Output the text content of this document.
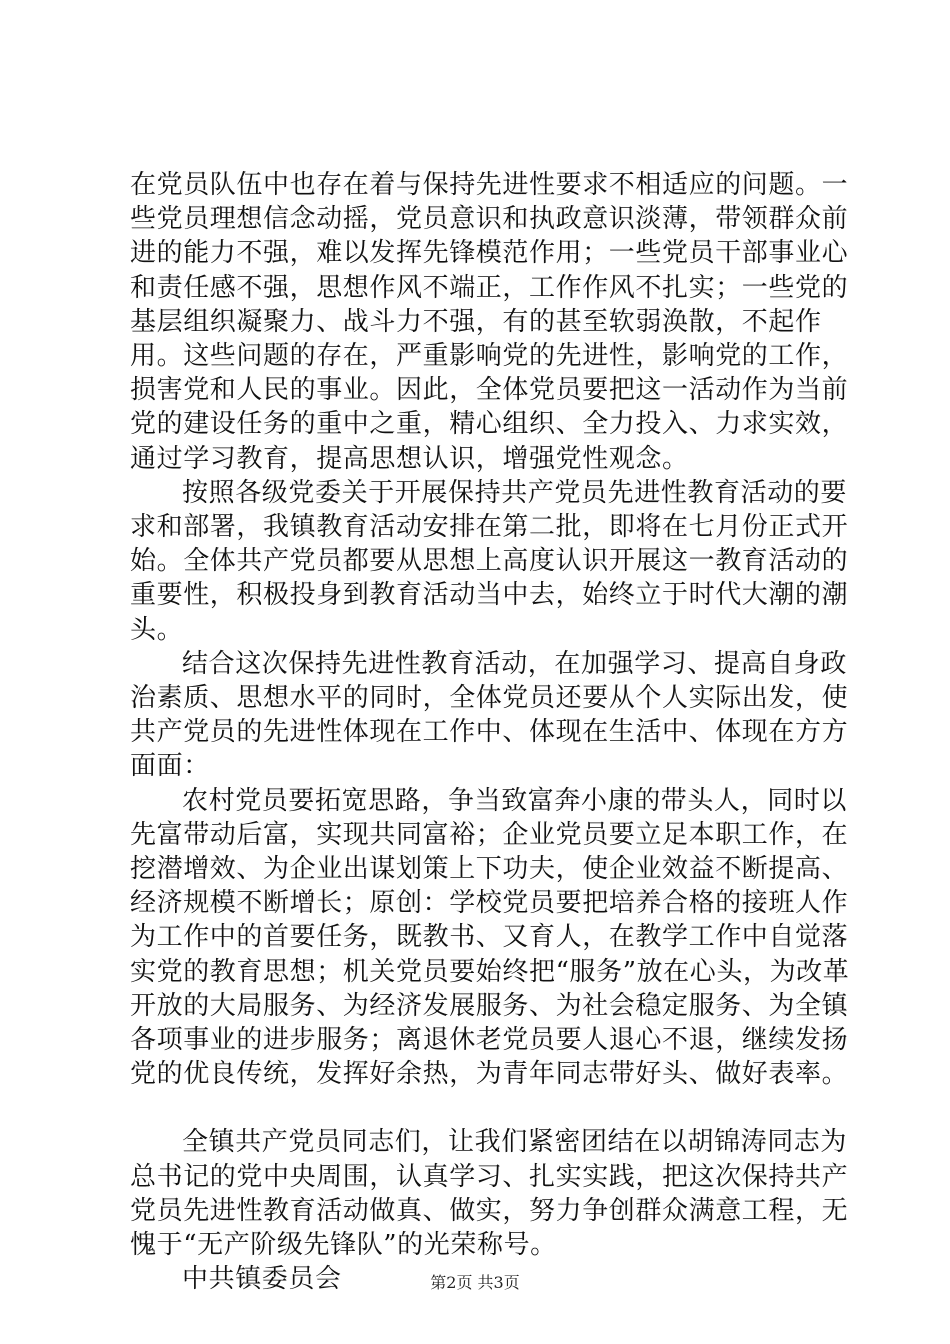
在党员队伍中也存在着与保持先进性要求不相适应的问题。一些党员理想信念动摇，党员意识和执政意识淡薄，带领群众前进的能力不强，难以发挥先锋模范作用；一些党员干部事业心和责任感不强，思想作风不端正，工作作风不扎实；一些党的基层组织凝聚力、战斗力不强，有的甚至软弱涣散，不起作用。这些问题的存在，严重影响党的先进性，影响党的工作，损害党和人民的事业。因此，全体党员要把这一活动作为当前党的建设任务的重中之重，精心组织、全力投入、力求实效，通过学习教育，提高思想认识，增强党性观念。

按照各级党委关于开展保持共产党员先进性教育活动的要求和部署，我镇教育活动安排在第二批，即将在七月份正式开始。全体共产党员都要从思想上高度认识开展这一教育活动的重要性，积极投身到教育活动当中去，始终立于时代大潮的潮头。

结合这次保持先进性教育活动，在加强学习、提高自身政治素质、思想水平的同时，全体党员还要从个人实际出发，使共产党员的先进性体现在工作中、体现在生活中、体现在方方面面：

农村党员要拓宽思路，争当致富奔小康的带头人，同时以先富带动后富，实现共同富裕；企业党员要立足本职工作，在挖潜增效、为企业出谋划策上下功夫，使企业效益不断提高、经济规模不断增长；原创：学校党员要把培养合格的接班人作为工作中的首要任务，既教书、又育人，在教学工作中自觉落实党的教育思想；机关党员要始终把“服务”放在心头，为改革开放的大局服务、为经济发展服务、为社会稳定服务、为全镇各项事业的进步服务；离退休老党员要人退心不退，继续发扬党的优良传统，发挥好余热，为青年同志带好头、做好表率。

全镇共产党员同志们，让我们紧密团结在以胡锦涛同志为总书记的党中央周围，认真学习、扎实实践，把这次保持共产党员先进性教育活动做真、做实，努力争创群众满意工程，无愧于“无产阶级先锋队”的光荣称号。

中共镇委员会	第2页 共3页
